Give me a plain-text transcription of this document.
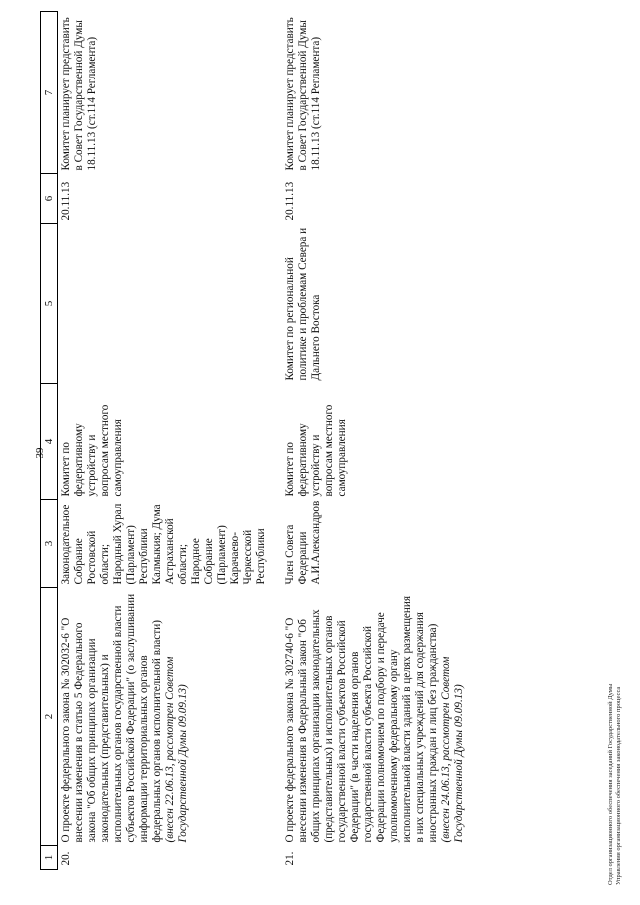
39
1	2	3	4	5	6	7
20.	О проекте федерального закона № 302032-6 "О внесении изменения в статью 5 Федерального закона "Об общих принципах организации законодательных (представительных) и исполнительных органов государственной власти субъектов Российской Федерации" (о заслушивании информации территориальных органов федеральных органов исполнительной власти) (внесен 22.06.13, рассмотрен Советом Государственной Думы 09.09.13)	Законодательное Собрание Ростовской области; Народный Хурал (Парламент) Республики Калмыкия; Дума Астраханской области; Народное Собрание (Парламент) Карачаево-Черкесской Республики	Комитет по федеративному устройству и вопросам местного самоуправления		20.11.13	Комитет планирует представить в Совет Государственной Думы 18.11.13 (ст.114 Регламента)
21.	О проекте федерального закона № 302740-6 "О внесении изменения в Федеральный закон "Об общих принципах организации законодательных (представительных) и исполнительных органов государственной власти субъектов Российской Федерации" (в части наделения органов государственной власти субъекта Российской Федерации полномочием по подбору и передаче уполномоченному федеральному органу исполнительной власти зданий в целях размещения в них специальных учреждений для содержания иностранных граждан и лиц без гражданства) (внесен 24.06.13, рассмотрен Советом Государственной Думы 09.09.13)	Член Совета Федерации А.И.Александров	Комитет по федеративному устройству и вопросам местного самоуправления	Комитет по региональной политике и проблемам Севера и Дальнего Востока	20.11.13	Комитет планирует представить в Совет Государственной Думы 18.11.13 (ст.114 Регламента)
Отдел организационного обеспечения заседаний Государственной Думы Управления организационного обеспечения законодательного процесса
